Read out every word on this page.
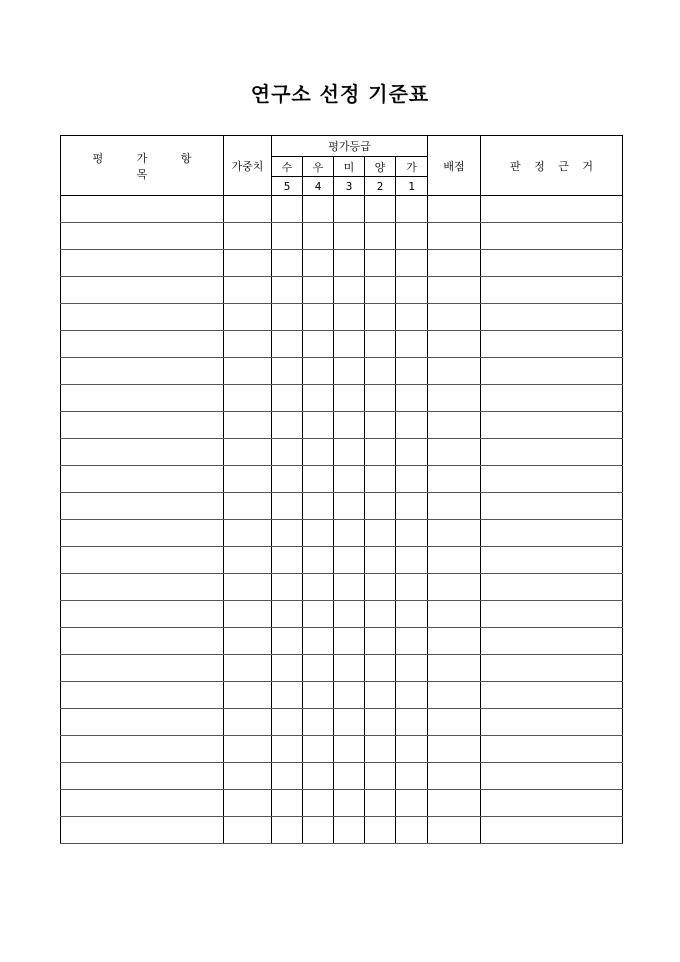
연구소 선정 기준표
평 가 항 목	가중치	평가등급					배점	판 정 근 거
		수	우	미	양	가		
		5	4	3	2	1		
